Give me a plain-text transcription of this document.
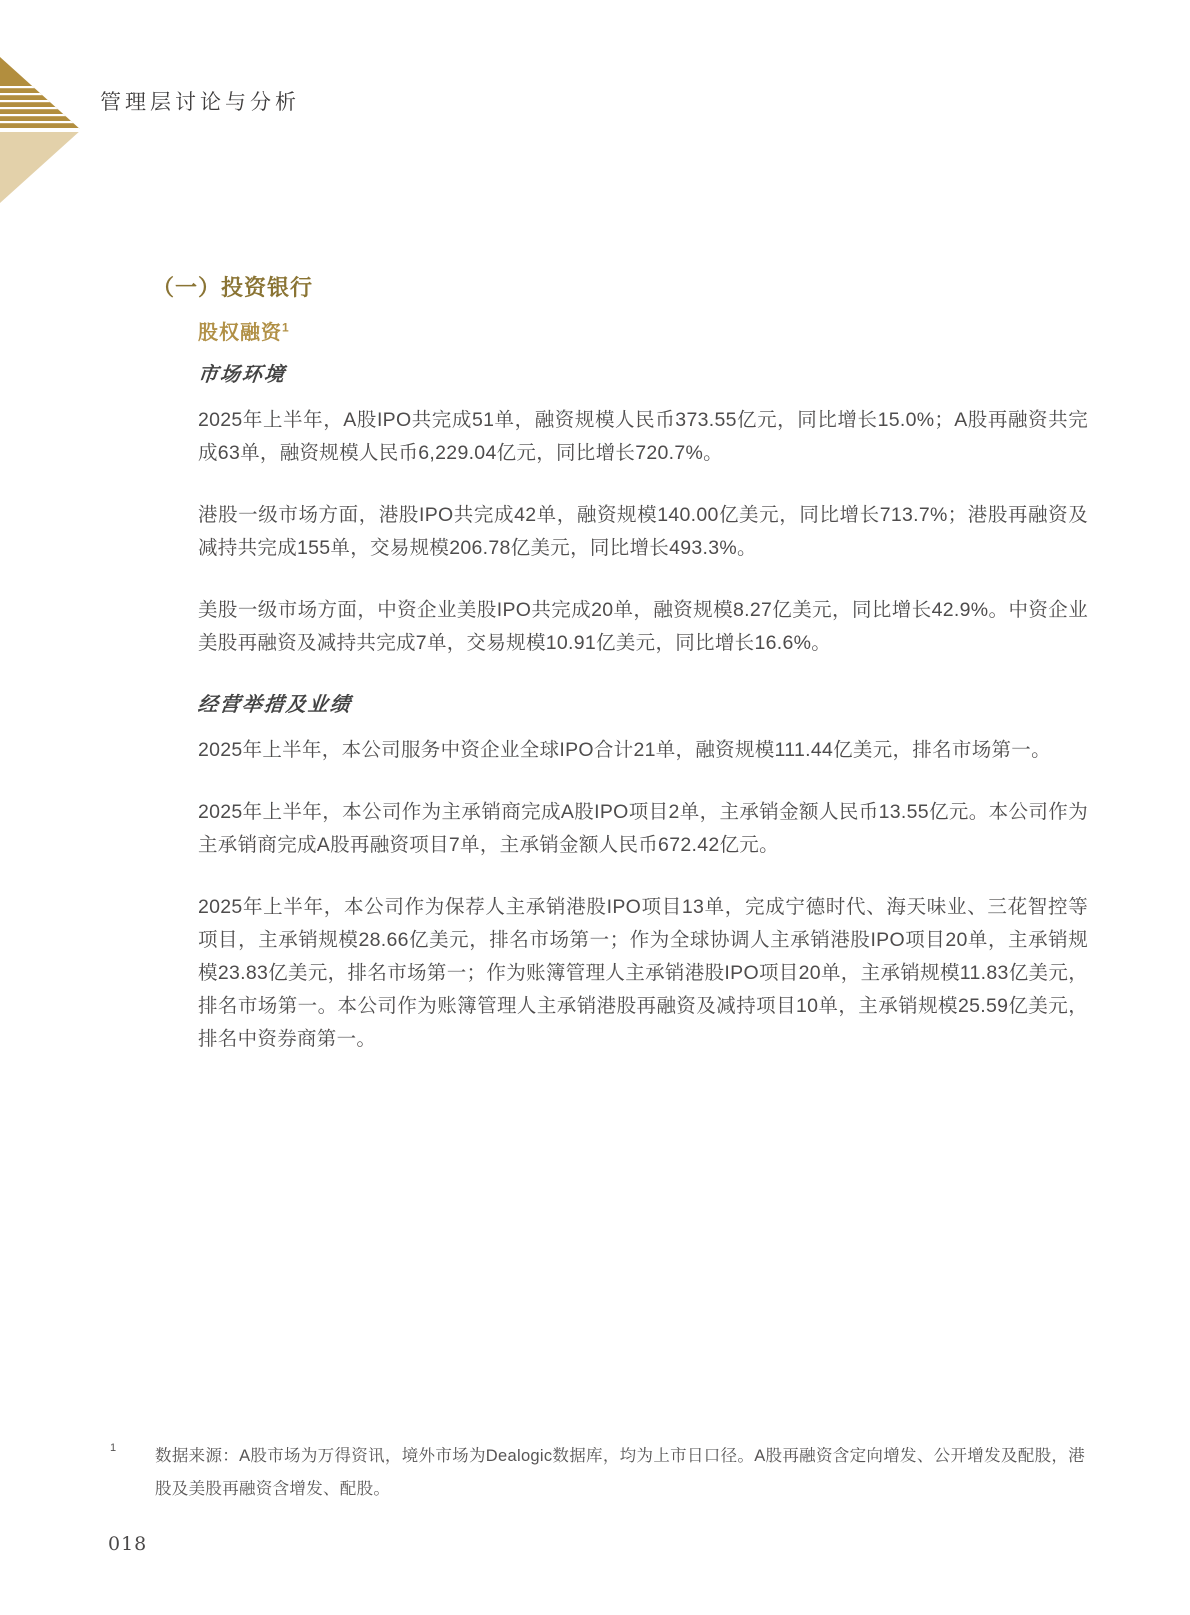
管理层讨论与分析
（一）投资银行
股权融资$^1$
市场环境

2025年上半年，A股IPO共完成51单，融资规模人民币373.55亿元，同比增长15.0%；A股再融资共完成63单，融资规模人民币6,229.04亿元，同比增长720.7%。

港股一级市场方面，港股IPO共完成42单，融资规模140.00亿美元，同比增长713.7%；港股再融资及减持共完成155单，交易规模206.78亿美元，同比增长493.3%。

美股一级市场方面，中资企业美股IPO共完成20单，融资规模8.27亿美元，同比增长42.9%。中资企业美股再融资及减持共完成7单，交易规模10.91亿美元，同比增长16.6%。

经营举措及业绩

2025年上半年，本公司服务中资企业全球IPO合计21单，融资规模111.44亿美元，排名市场第一。

2025年上半年，本公司作为主承销商完成A股IPO项目2单，主承销金额人民币13.55亿元。本公司作为主承销商完成A股再融资项目7单，主承销金额人民币672.42亿元。

2025年上半年，本公司作为保荐人主承销港股IPO项目13单，完成宁德时代、海天味业、三花智控等项目，主承销规模28.66亿美元，排名市场第一；作为全球协调人主承销港股IPO项目20单，主承销规模23.83亿美元，排名市场第一；作为账簿管理人主承销港股IPO项目20单，主承销规模11.83亿美元，排名市场第一。本公司作为账簿管理人主承销港股再融资及减持项目10单，主承销规模25.59亿美元，排名中资券商第一。

1 数据来源：A股市场为万得资讯，境外市场为Dealogic数据库，均为上市日口径。A股再融资含定向增发、公开增发及配股，港股及美股再融资含增发、配股。
018
